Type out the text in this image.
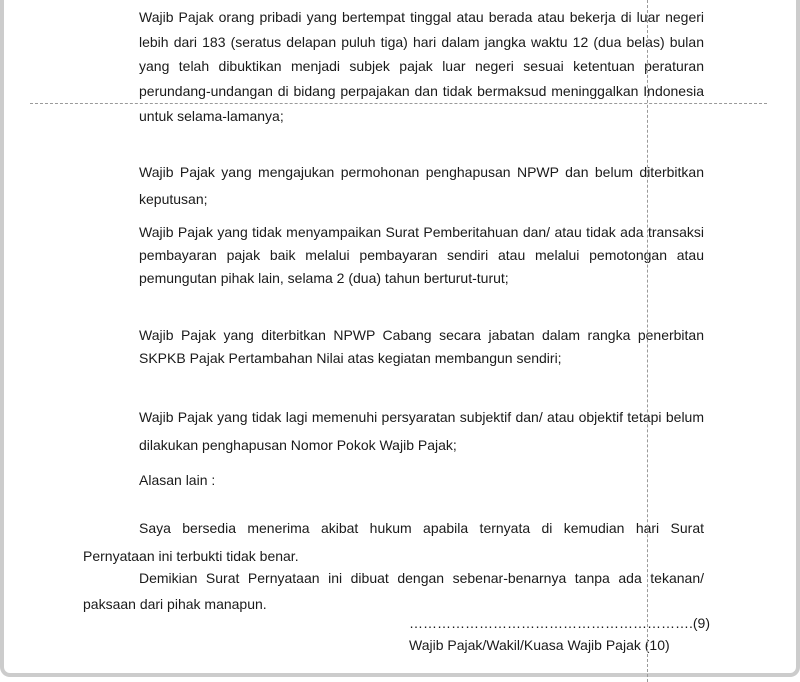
Wajib Pajak orang pribadi yang bertempat tinggal atau berada atau bekerja di luar negeri lebih dari 183 (seratus delapan puluh tiga) hari dalam jangka waktu 12 (dua belas) bulan yang telah dibuktikan menjadi subjek pajak luar negeri sesuai ketentuan peraturan perundang-undangan di bidang perpajakan dan tidak bermaksud meninggalkan Indonesia untuk selama-lamanya;

Wajib Pajak yang mengajukan permohonan penghapusan NPWP dan belum diterbitkan keputusan;

Wajib Pajak yang tidak menyampaikan Surat Pemberitahuan dan/ atau tidak ada transaksi pembayaran pajak baik melalui pembayaran sendiri atau melalui pemotongan atau pemungutan pihak lain, selama 2 (dua) tahun berturut-turut;

Wajib Pajak yang diterbitkan NPWP Cabang secara jabatan dalam rangka penerbitan SKPKB Pajak Pertambahan Nilai atas kegiatan membangun sendiri;

Wajib Pajak yang tidak lagi memenuhi persyaratan subjektif dan/ atau objektif tetapi belum dilakukan penghapusan Nomor Pokok Wajib Pajak;

Alasan lain :

Saya bersedia menerima akibat hukum apabila ternyata di kemudian hari Surat Pernyataan ini terbukti tidak benar.

Demikian Surat Pernyataan ini dibuat dengan sebenar-benarnya tanpa ada tekanan/ paksaan dari pihak manapun.

…………………………………………………….(9)

Wajib Pajak/Wakil/Kuasa Wajib Pajak (10)
